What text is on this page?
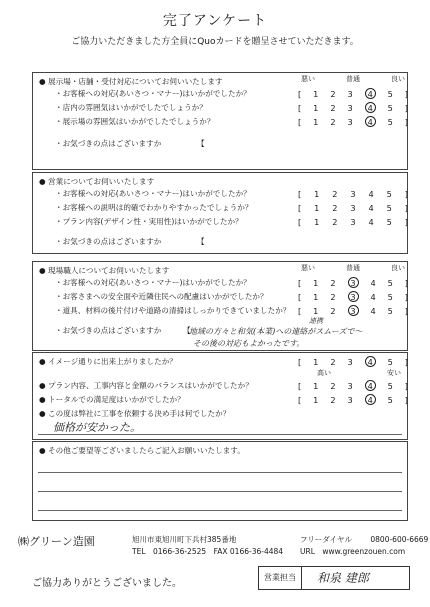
完了アンケート
ご協力いただきました方全員にQuoカードを贈呈させていただきます。
● 展示場・店舗・受付対応についてお伺いいたします	悪い	普通	良い
・お客様への対応(あいさつ・マナー)はいかがでしたか？	[ 1 2 3	4	5 ]
・店内の雰囲気はいかがでしたでしょうか？	[ 1 2 3	4	5 ]
・展示場の雰囲気はいかがでしたでしょうか？	[ 1 2 3	4	5 ]
・お気づきの点はございますか	【
● 営業についてお伺いいたします
・お客様への対応(あいさつ・マナー)はいかがでしたか？	[ 1 2 3 4 5 ]
・お客様への説明は的確でわかりやすかったでしょうか？	[ 1 2 3 4 5 ]
・プラン内容(デザイン性・実用性)はいかがでしたか？	[ 1 2 3 4 5 ]
・お気づきの点はございますか	【
● 現場職人についてお伺いいたします	悪い	普通	良い
・お客様への対応(あいさつ・マナー)はいかがでしたか？	[ 1 2	3	4 5 ]
・お客さまへの安全面や近隣住民への配慮はいかがでしたか？	[ 1 2	3	4 5 ]
・道具、材料の後片付けや道路の清掃はしっかりできていましたか？ [ 1 2	3	4 5 ]
・お気づきの点はございますか	【
地域の方々と和気(本業)への連絡がスムーズで〜
連携
その後の対応もよかったです。
● イメージ通りに出来上がりましたか？	[ 1 2 3	4	5 ]
高い	安い
● プラン内容、工事内容と金額のバランスはいかがでしたか？	[ 1 2 3	4	5 ]
● トータルでの満足度はいかがでしたか？	[ 1 2 3	4	5 ]
● この度は弊社に工事を依頼する決め手は何でしたか？
価格が安かった。
● その他ご要望等ございましたらご記入お願いいたします。
㈱グリーン造園	旭川市東旭川町下兵村385番地
TEL　0166-36-2525　FAX 0166-36-4484
フリーダイヤル 0800-600-6669
URL　www.greenzouen.com
ご協力ありがとうございました。
営業担当	和泉 建郎
